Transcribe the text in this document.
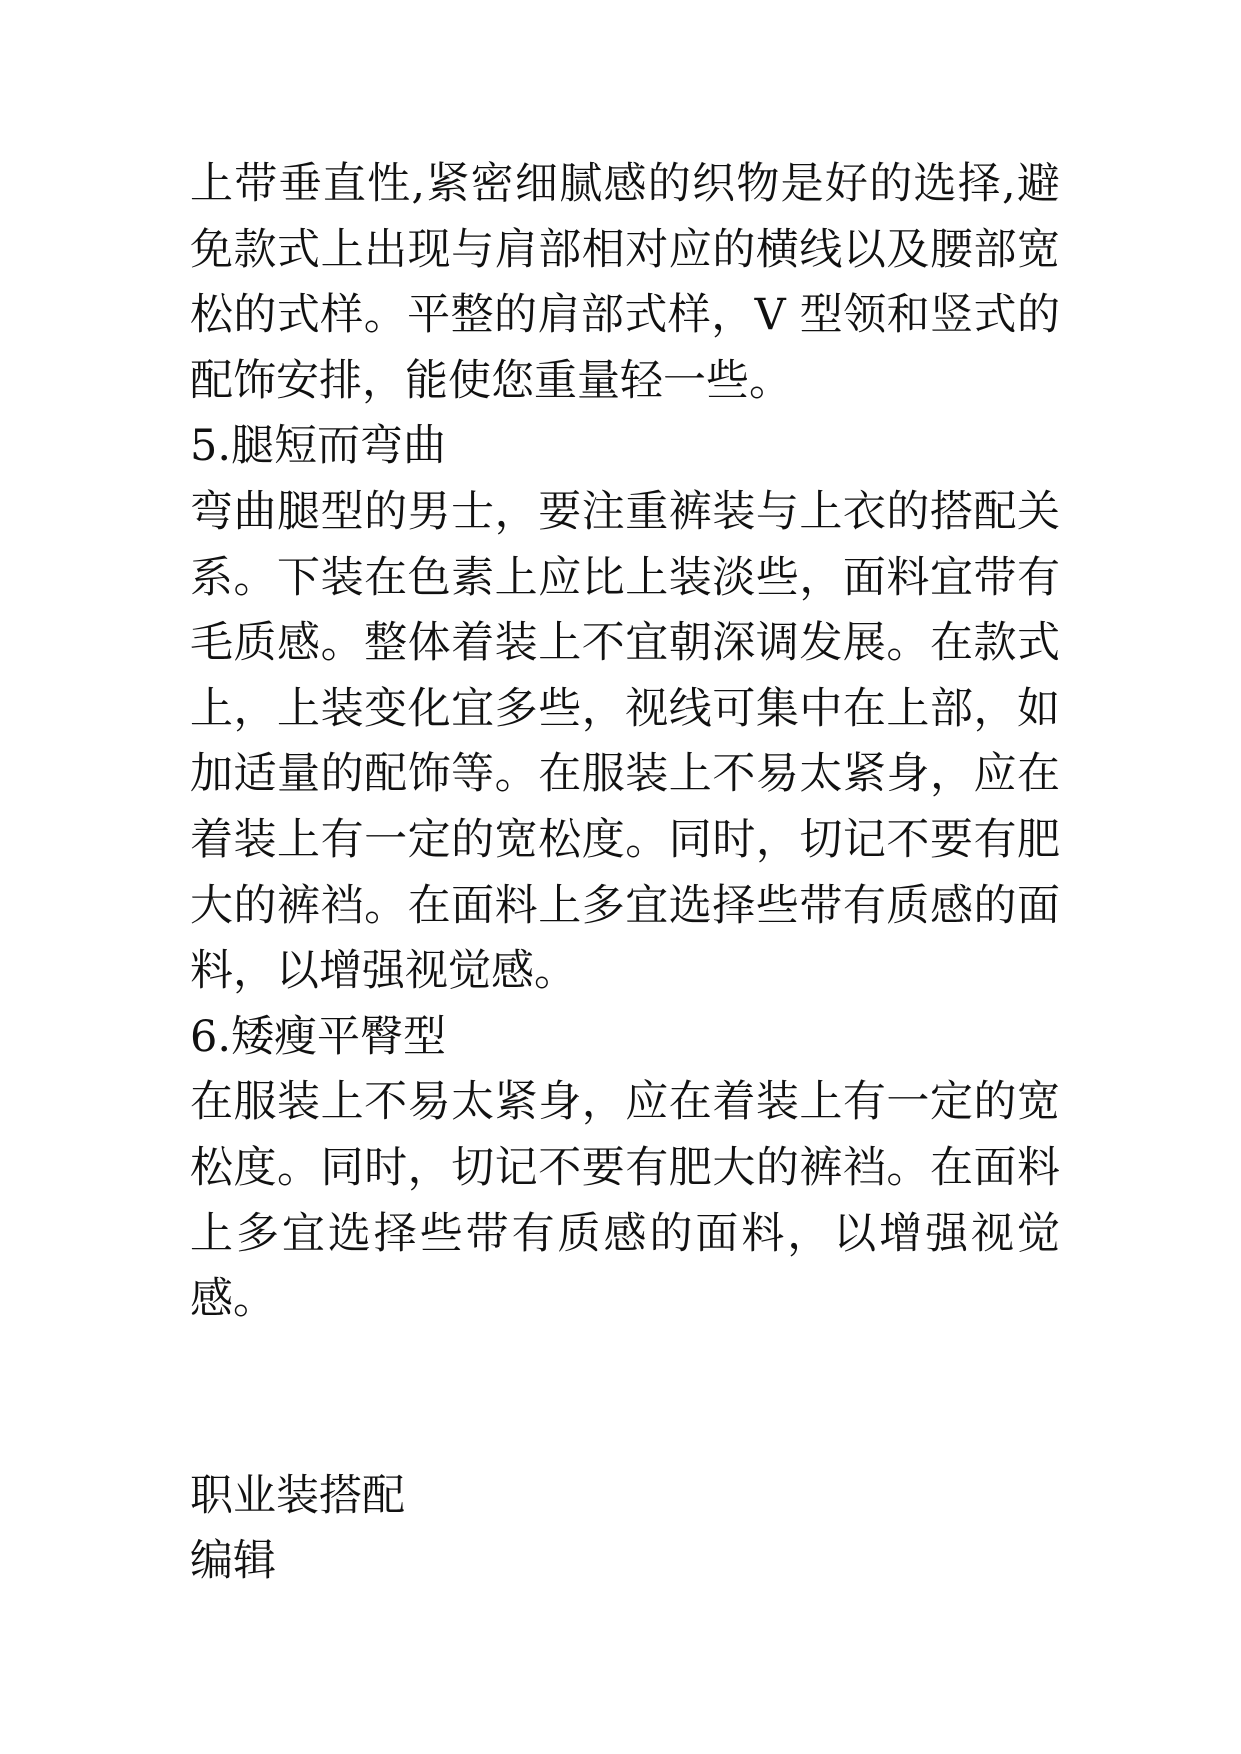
上带垂直性,紧密细腻感的织物是好的选择,避免款式上出现与肩部相对应的横线以及腰部宽松的式样。平整的肩部式样，V 型领和竖式的配饰安排，能使您重量轻一些。

5.腿短而弯曲

弯曲腿型的男士，要注重裤装与上衣的搭配关系。下装在色素上应比上装淡些，面料宜带有毛质感。整体着装上不宜朝深调发展。在款式上，上装变化宜多些，视线可集中在上部，如加适量的配饰等。在服装上不易太紧身，应在着装上有一定的宽松度。同时，切记不要有肥大的裤裆。在面料上多宜选择些带有质感的面料，以增强视觉感。

6.矮瘦平臀型

在服装上不易太紧身，应在着装上有一定的宽松度。同时，切记不要有肥大的裤裆。在面料上多宜选择些带有质感的面料，以增强视觉感。

职业装搭配

编辑
